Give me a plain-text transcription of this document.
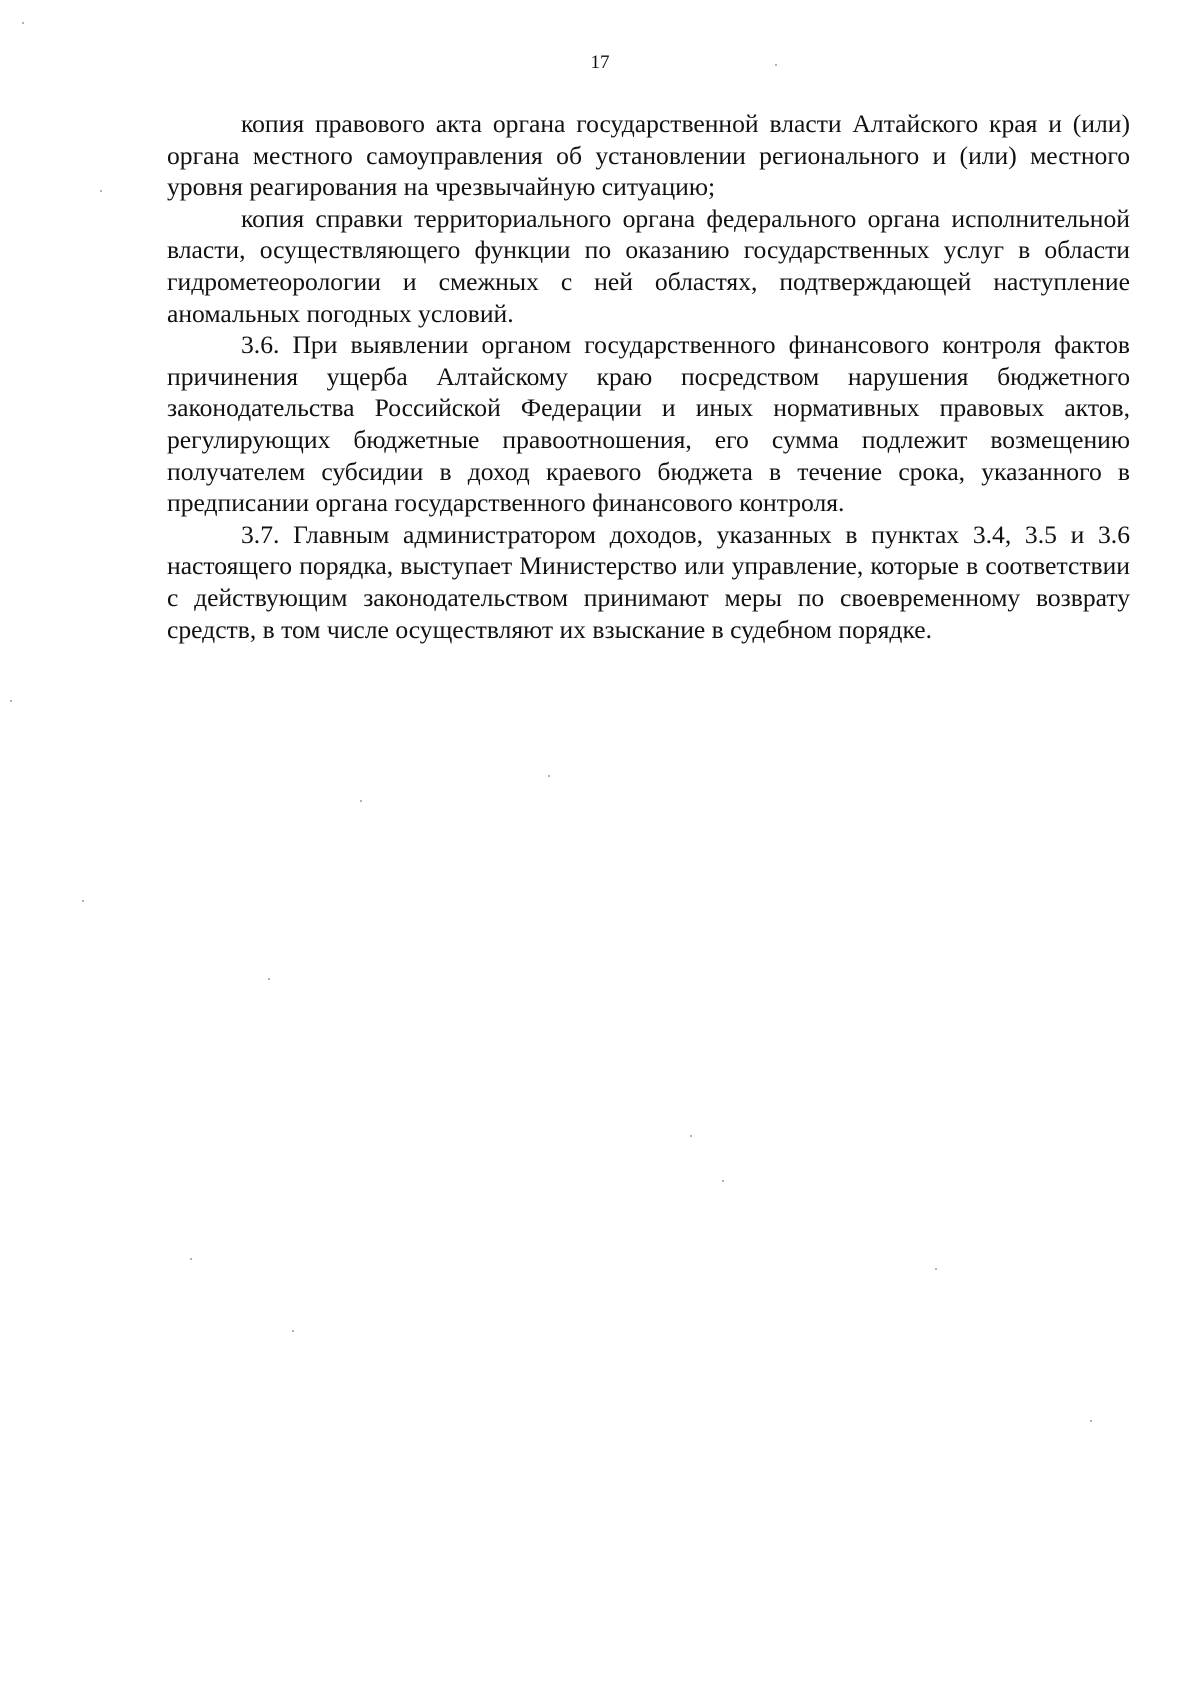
17

копия правового акта органа государственной власти Алтайского края и (или) органа местного самоуправления об установлении регионального и (или) местного уровня реагирования на чрезвычайную ситуацию;

копия справки территориального органа федерального органа исполнительной власти, осуществляющего функции по оказанию государственных услуг в области гидрометеорологии и смежных с ней областях, подтверждающей наступление аномальных погодных условий.

3.6. При выявлении органом государственного финансового контроля фактов причинения ущерба Алтайскому краю посредством нарушения бюджетного законодательства Российской Федерации и иных нормативных правовых актов, регулирующих бюджетные правоотношения, его сумма подлежит возмещению получателем субсидии в доход краевого бюджета в течение срока, указанного в предписании органа государственного финансового контроля.

3.7. Главным администратором доходов, указанных в пунктах 3.4, 3.5 и 3.6 настоящего порядка, выступает Министерство или управление, которые в соответствии с действующим законодательством принимают меры по своевременному возврату средств, в том числе осуществляют их взыскание в судебном порядке.
